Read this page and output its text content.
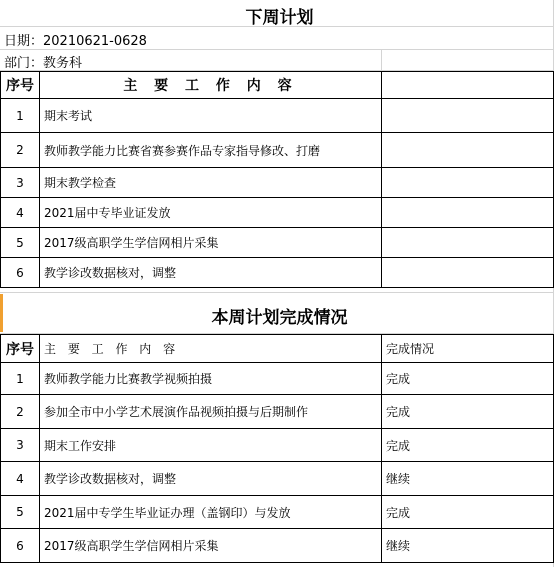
下周计划
日期：20210621-0628
部门：教务科
序号	主 要 工 作 内 容	
1	期末考试	
2	教师教学能力比赛省赛参赛作品专家指导修改、打磨	
3	期末教学检查	
4	2021届中专毕业证发放	
5	2017级高职学生学信网相片采集	
6	教学诊改数据核对，调整	
本周计划完成情况
序号	主 要 工 作 内 容	完成情况
1	教师教学能力比赛教学视频拍摄	完成
2	参加全市中小学艺术展演作品视频拍摄与后期制作	完成
3	期末工作安排	完成
4	教学诊改数据核对，调整	继续
5	2021届中专学生毕业证办理（盖钢印）与发放	完成
6	2017级高职学生学信网相片采集	继续
